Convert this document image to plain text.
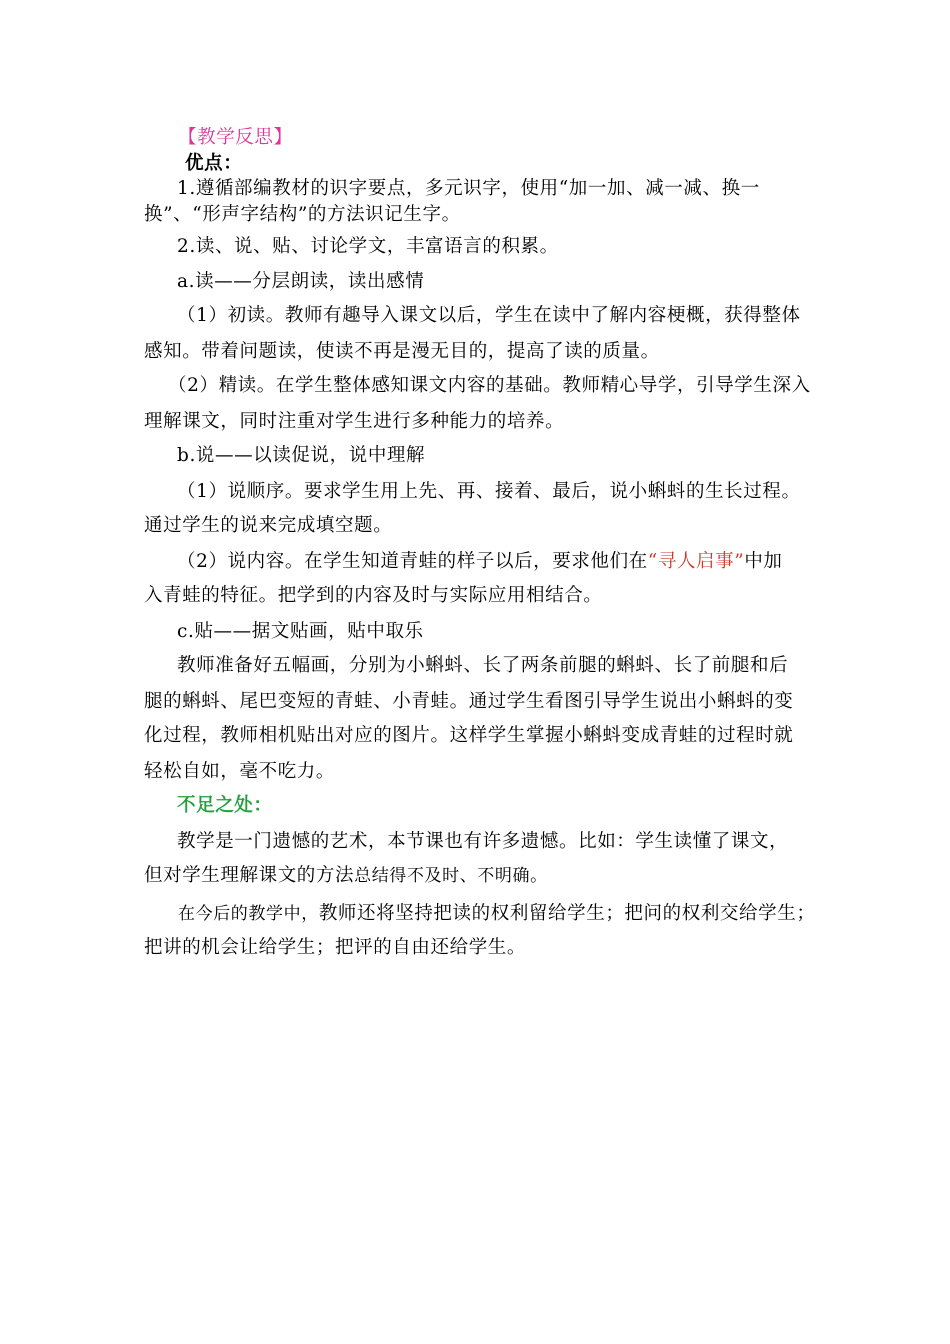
【教学反思】
优点：
1.遵循部编教材的识字要点，多元识字，使用“加一加、减一减、换一
换”、“形声字结构”的方法识记生字。
2.读、说、贴、讨论学文，丰富语言的积累。
a.读——分层朗读，读出感情
（1）初读。教师有趣导入课文以后，学生在读中了解内容梗概，获得整体
感知。带着问题读，使读不再是漫无目的，提高了读的质量。
（2）精读。在学生整体感知课文内容的基础。教师精心导学，引导学生深入
理解课文，同时注重对学生进行多种能力的培养。
b.说——以读促说，说中理解
（1）说顺序。要求学生用上先、再、接着、最后，说小蝌蚪的生长过程。
通过学生的说来完成填空题。
（2）说内容。在学生知道青蛙的样子以后，要求他们在“寻人启事”中加
入青蛙的特征。把学到的内容及时与实际应用相结合。
c.贴——据文贴画，贴中取乐
教师准备好五幅画，分别为小蝌蚪、长了两条前腿的蝌蚪、长了前腿和后
腿的蝌蚪、尾巴变短的青蛙、小青蛙。通过学生看图引导学生说出小蝌蚪的变
化过程，教师相机贴出对应的图片。这样学生掌握小蝌蚪变成青蛙的过程时就
轻松自如，毫不吃力。
不足之处：
教学是一门遗憾的艺术，本节课也有许多遗憾。比如：学生读懂了课文，
但对学生理解课文的方法总结得不及时、不明确。
在今后的教学中，教师还将坚持把读的权利留给学生；把问的权利交给学生；
把讲的机会让给学生；把评的自由还给学生。
